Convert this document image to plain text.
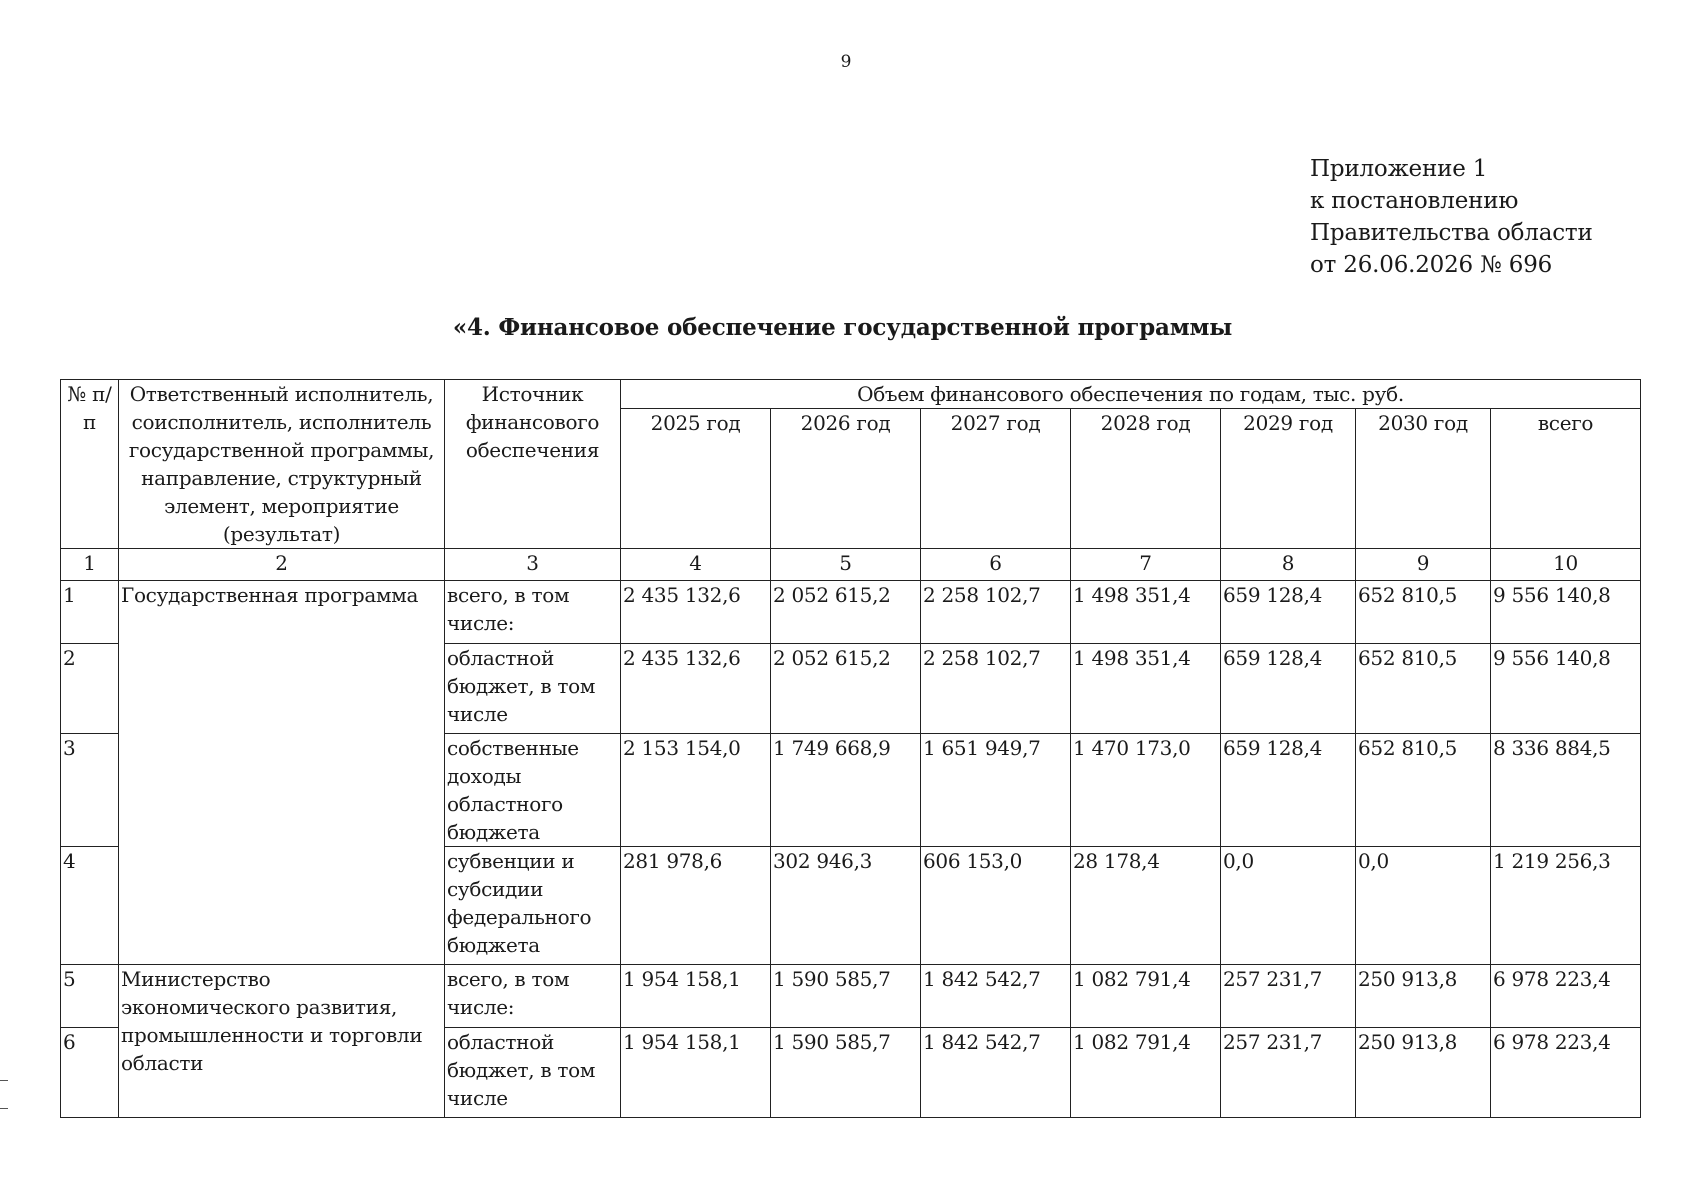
9
Приложение 1
к постановлению
Правительства области
от 26.06.2026 № 696
«4. Финансовое обеспечение государственной программы
№ п/п	Ответственный исполнитель, соисполнитель, исполнитель государственной программы, направление, структурный элемент, мероприятие (результат)	Источник финансового обеспечения	Объем финансового обеспечения по годам, тыс. руб.						
			2025 год	2026 год	2027 год	2028 год	2029 год	2030 год	всего
1	2	3	4	5	6	7	8	9	10
1	Государственная программа	всего, в том числе:	2 435 132,6	2 052 615,2	2 258 102,7	1 498 351,4	659 128,4	652 810,5	9 556 140,8
2		областной бюджет, в том числе	2 435 132,6	2 052 615,2	2 258 102,7	1 498 351,4	659 128,4	652 810,5	9 556 140,8
3		собственные доходы областного бюджета	2 153 154,0	1 749 668,9	1 651 949,7	1 470 173,0	659 128,4	652 810,5	8 336 884,5
4		субвенции и субсидии федерального бюджета	281 978,6	302 946,3	606 153,0	28 178,4	0,0	0,0	1 219 256,3
5	Министерство экономического развития, промышленности и торговли области	всего, в том числе:	1 954 158,1	1 590 585,7	1 842 542,7	1 082 791,4	257 231,7	250 913,8	6 978 223,4
6		областной бюджет, в том числе	1 954 158,1	1 590 585,7	1 842 542,7	1 082 791,4	257 231,7	250 913,8	6 978 223,4
